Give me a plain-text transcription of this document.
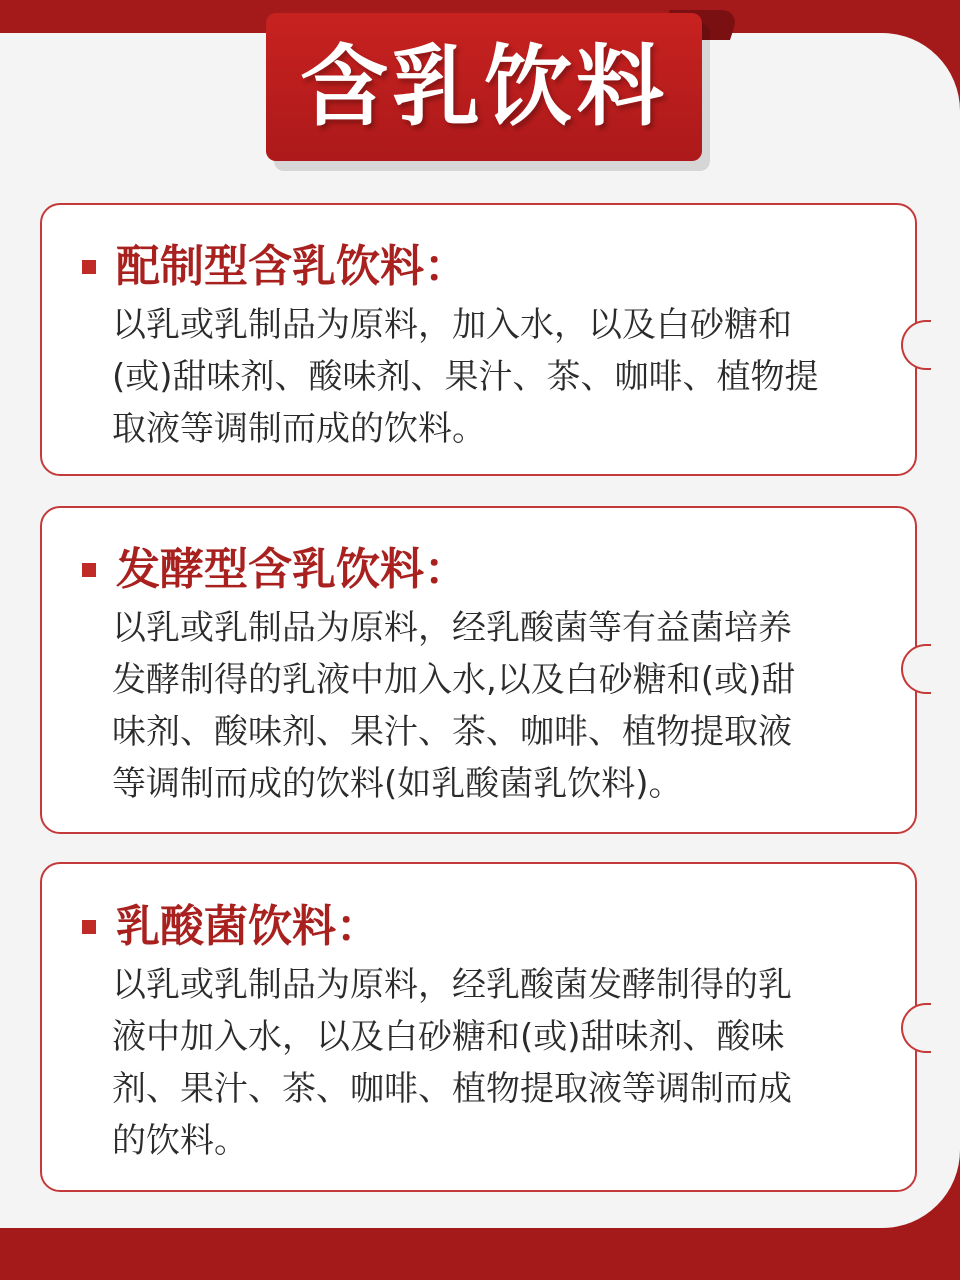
含乳饮料
配制型含乳饮料：
以乳或乳制品为原料，加入水，以及白砂糖和
(或)甜味剂、酸味剂、果汁、茶、咖啡、植物提
取液等调制而成的饮料。
发酵型含乳饮料：
以乳或乳制品为原料，经乳酸菌等有益菌培养
发酵制得的乳液中加入水,以及白砂糖和(或)甜
味剂、酸味剂、果汁、茶、咖啡、植物提取液
等调制而成的饮料(如乳酸菌乳饮料)。
乳酸菌饮料：
以乳或乳制品为原料，经乳酸菌发酵制得的乳
液中加入水，以及白砂糖和(或)甜味剂、酸味
剂、果汁、茶、咖啡、植物提取液等调制而成
的饮料。
